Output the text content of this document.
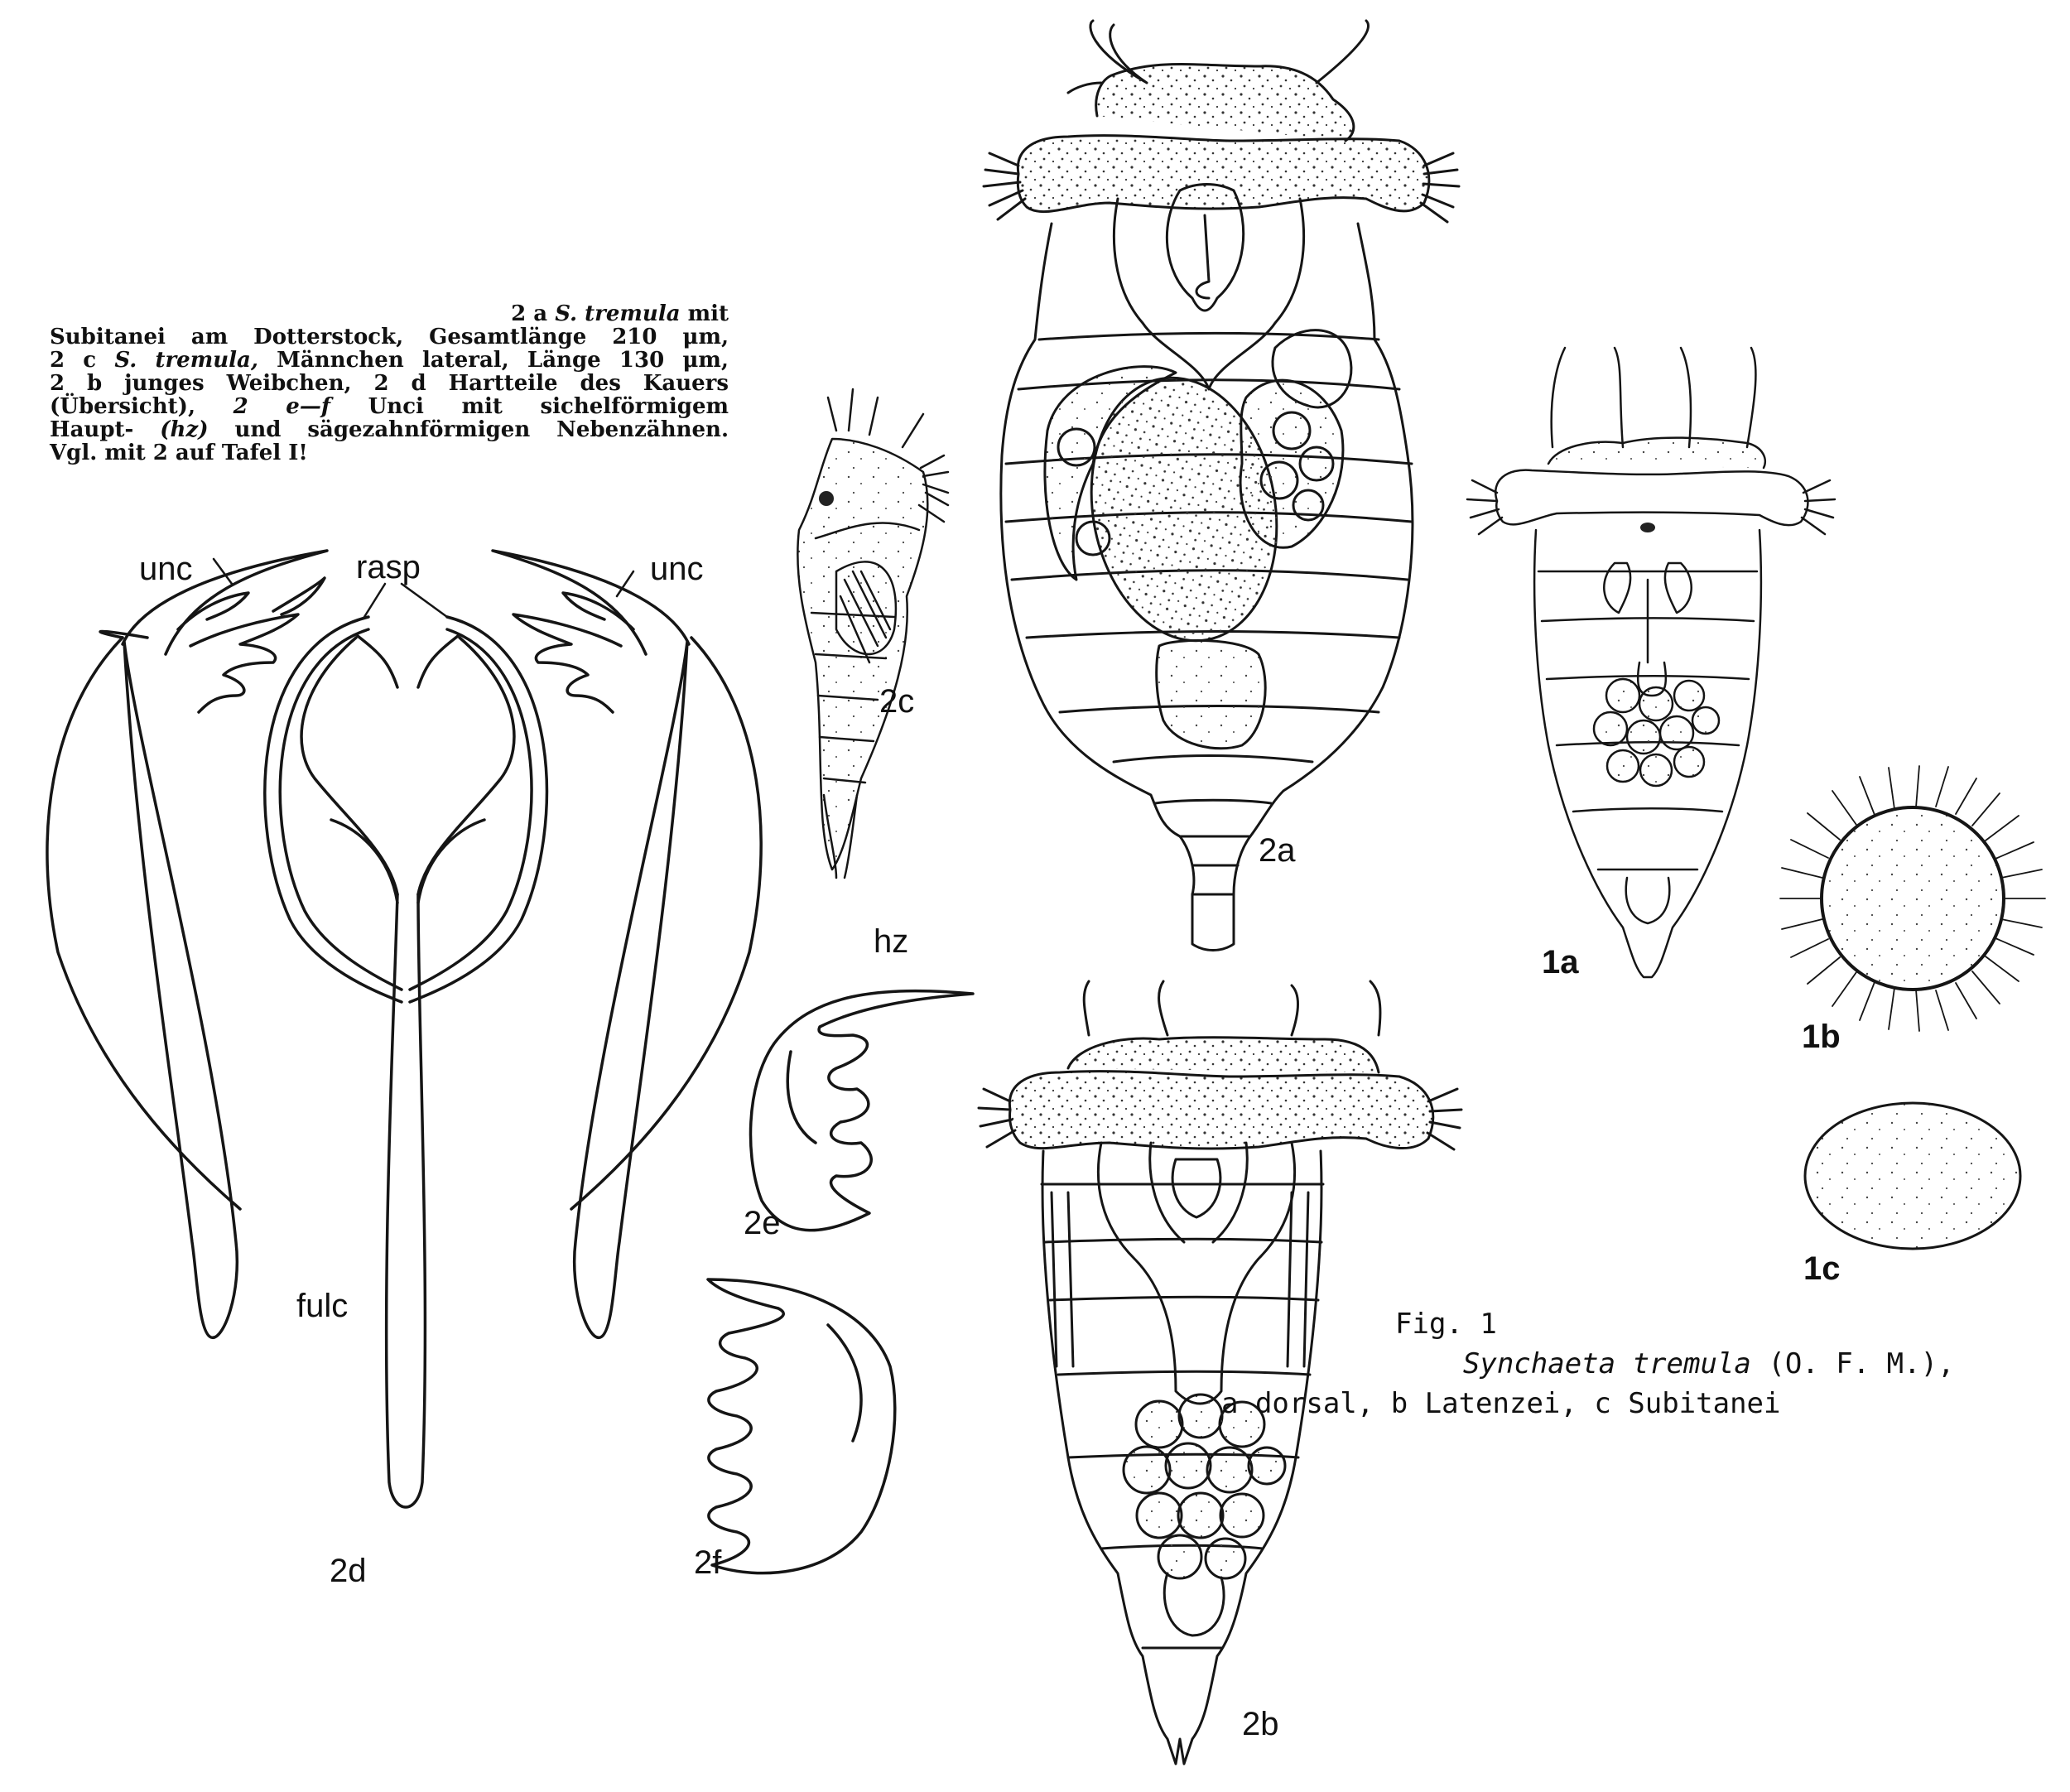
2 a S. tremula mit
Subitanei am Dotterstock, Gesamtlänge 210 μm,
2 c S. tremula, Männchen lateral, Länge 130 μm,
2 b junges Weibchen, 2 d Hartteile des Kauers
(Übersicht), 2 e—f Unci mit sichelförmigem
Haupt- (hz) und sägezahnförmigen Nebenzähnen.
Vgl. mit 2 auf Tafel I!
unc	rasp	unc
fulc
2d
hz
2e
2f
2c
2a
2b
1a
1b
1c
Fig. 1
Synchaeta tremula (O. F. M.),
a dorsal, b Latenzei, c Subitanei
